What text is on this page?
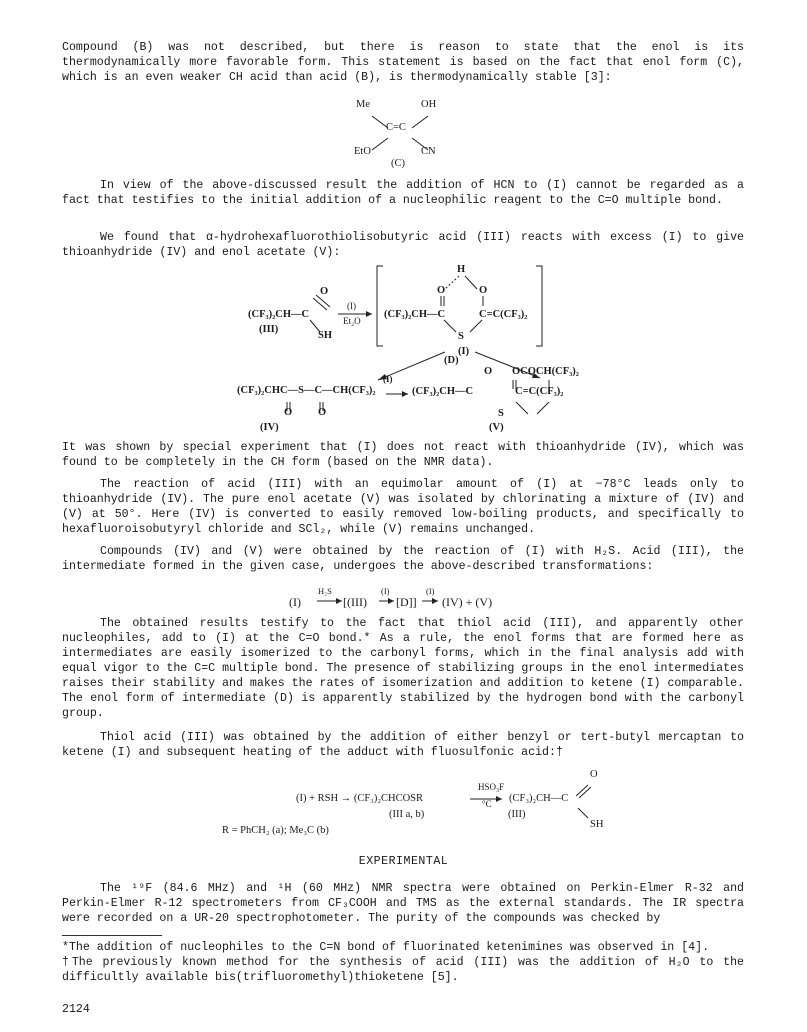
Compound (B) was not described, but there is reason to state that the enol is its thermodynamically more favorable form. This statement is based on the fact that enol form (C), which is an even weaker CH acid than acid (B), is thermodynamically stable [3]:
Me	OH
C=C
EtO	CN
(C)
In view of the above-discussed result the addition of HCN to (I) cannot be regarded as a fact that testifies to the initial addition of a nucleophilic reagent to the C=O multiple bond.
We found that α-hydrohexafluorothiolisobutyric acid (III) reacts with excess (I) to give thioanhydride (IV) and enol acetate (V):
O
(CF₃)₂CH—C
SH
(III)
(I)
Et₂O
H
O	O
(CF₃)₂CH—C	C=C(CF₃)₂
S
(I)
(D)
O OCOCH(CF₃)₂
(CF₃)₂CHC—S—C—CH(CF₃)₂
(I)
(CF₃)₂CH—C	C=C(CF₃)₂
O O	S
(IV)	(V)
It was shown by special experiment that (I) does not react with thioanhydride (IV), which was found to be completely in the CH form (based on the NMR data).
The reaction of acid (III) with an equimolar amount of (I) at −78°C leads only to thioanhydride (IV). The pure enol acetate (V) was isolated by chlorinating a mixture of (IV) and (V) at 50°. Here (IV) is converted to easily removed low-boiling products, and specifically to hexafluoroisobutyryl chloride and SCl₂, while (V) remains unchanged.
Compounds (IV) and (V) were obtained by the reaction of (I) with H₂S. Acid (III), the intermediate formed in the given case, undergoes the above-described transformations:
(I)
H₂S
[(III)
(I)
[D]]
(I)
(IV) + (V)
The obtained results testify to the fact that thiol acid (III), and apparently other nucleophiles, add to (I) at the C=O bond.* As a rule, the enol forms that are formed here as intermediates are easily isomerized to the carbonyl forms, which in the final analysis add with equal vigor to the C=C multiple bond. The presence of stabilizing groups in the enol intermediates raises their stability and makes the rates of isomerization and addition to ketene (I) comparable. The enol form of intermediate (D) is apparently stabilized by the hydrogen bond with the carbonyl group.
Thiol acid (III) was obtained by the addition of either benzyl or tert-butyl mercaptan to ketene (I) and subsequent heating of the adduct with fluosulfonic acid:†
O
(I) + RSH → (CF₃)₂CHCOSR
HSO₃F
°C (CF₃)₂CH—C
(III a, b)	(III)
SH
R = PhCH₂ (a); Me₃C (b)
EXPERIMENTAL
The ¹⁹F (84.6 MHz) and ¹H (60 MHz) NMR spectra were obtained on Perkin-Elmer R-32 and Perkin-Elmer R-12 spectrometers from CF₃COOH and TMS as the external standards. The IR spectra were recorded on a UR-20 spectrophotometer. The purity of the compounds was checked by
*The addition of nucleophiles to the C=N bond of fluorinated ketenimines was observed in [4].
†The previously known method for the synthesis of acid (III) was the addition of H₂O to the difficultly available bis(trifluoromethyl)thioketene [5].
2124
